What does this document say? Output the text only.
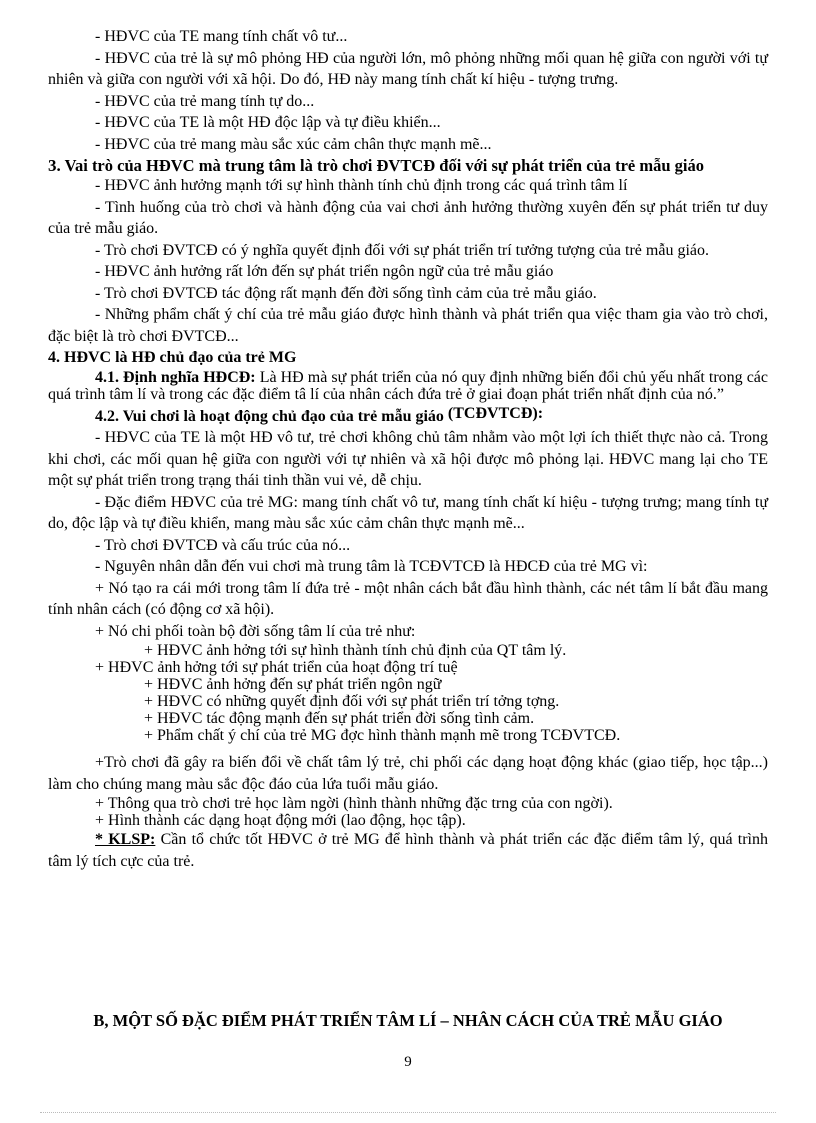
- HĐVC của TE mang tính chất vô tư...

- HĐVC của trẻ là sự mô phỏng HĐ của người lớn, mô phỏng những mối quan hệ giữa con người với tự nhiên và giữa con người với xã hội. Do đó, HĐ này mang tính chất kí hiệu - tượng trưng.

- HĐVC của trẻ mang tính tự do...

- HĐVC của TE là một HĐ độc lập và tự điều khiển...

- HĐVC của trẻ mang màu sắc xúc cảm chân thực mạnh mẽ...

3. Vai trò của HĐVC mà trung tâm là trò chơi ĐVTCĐ đối với sự phát triển của trẻ mẫu giáo

- HĐVC ảnh hưởng mạnh tới sự hình thành tính chủ định trong các quá trình tâm lí

- Tình huống của trò chơi và hành động của vai chơi ảnh hưởng thường xuyên đến sự phát triển tư duy của trẻ mẫu giáo.

- Trò chơi ĐVTCĐ có ý nghĩa quyết định đối với sự phát triển trí tưởng tượng của trẻ mẫu giáo.

- HĐVC ảnh hưởng rất lớn đến sự phát triển ngôn ngữ của trẻ mẫu giáo

- Trò chơi ĐVTCĐ tác động rất mạnh đến đời sống tình cảm của trẻ mẫu giáo.

- Những phẩm chất ý chí của trẻ mẫu giáo được hình thành và phát triển qua việc tham gia vào trò chơi, đặc biệt là trò chơi ĐVTCĐ...

4. HĐVC là HĐ chủ đạo của trẻ MG

4.1. Định nghĩa HĐCĐ: Là HĐ mà sự phát triển của nó quy định những biến đổi chủ yếu nhất trong các quá trình tâm lí và trong các đặc điểm tâ lí của nhân cách đứa trẻ ở giai đoạn phát triển nhất định của nó.”

4.2. Vui chơi là hoạt động chủ đạo của trẻ mẫu giáo (TCĐVTCĐ):

- HĐVC của TE là một HĐ vô tư, trẻ chơi không chủ tâm nhằm vào một lợi ích thiết thực nào cả. Trong khi chơi, các mối quan hệ giữa con người với tự nhiên và xã hội được mô phỏng lại. HĐVC mang lại cho TE một sự phát triển trong trạng thái tinh thần vui vẻ, dễ chịu.

- Đặc điểm HĐVC của trẻ MG: mang tính chất vô tư, mang tính chất kí hiệu - tượng trưng; mang tính tự do, độc lập và tự điều khiển, mang màu sắc xúc cảm chân thực mạnh mẽ...

- Trò chơi ĐVTCĐ và cấu trúc của nó...

- Nguyên nhân dẫn đến vui chơi mà trung tâm là TCĐVTCĐ là HĐCĐ của trẻ MG vì:

+ Nó tạo ra cái mới trong tâm lí đứa trẻ - một nhân cách bắt đầu hình thành, các nét tâm lí bắt đầu mang tính nhân cách (có động cơ xã hội).

+ Nó chi phối toàn bộ đời sống tâm lí của trẻ như:

+ HĐVC ảnh hởng tới sự hình thành tính chủ định của QT tâm lý.

+ HĐVC ảnh hởng tới sự phát triển của hoạt động trí tuệ

+ HĐVC ảnh hởng đến sự phát triển ngôn ngữ

+ HĐVC có những quyết định đối với sự phát triển trí tởng tợng.

+ HĐVC tác động mạnh đến sự phát triển đời sống tình cảm.

+ Phẩm chất ý chí của trẻ MG đợc hình thành mạnh mẽ trong TCĐVTCĐ.

+Trò chơi đã gây ra biến đổi về chất tâm lý trẻ, chi phối các dạng hoạt động khác (giao tiếp, học tập...) làm cho chúng mang màu sắc độc đáo của lứa tuổi mẫu giáo.

+ Thông qua trò chơi trẻ học làm ngời (hình thành những đặc trng của con ngời).

+ Hình thành các dạng hoạt động mới (lao động, học tập).

* KLSP: Cần tổ chức tốt HĐVC ở trẻ MG để hình thành và phát triển các đặc điểm tâm lý, quá trình tâm lý tích cực của trẻ.

B, MỘT SỐ ĐẶC ĐIỂM PHÁT TRIỂN TÂM LÍ – NHÂN CÁCH CỦA TRẺ MẪU GIÁO
9
